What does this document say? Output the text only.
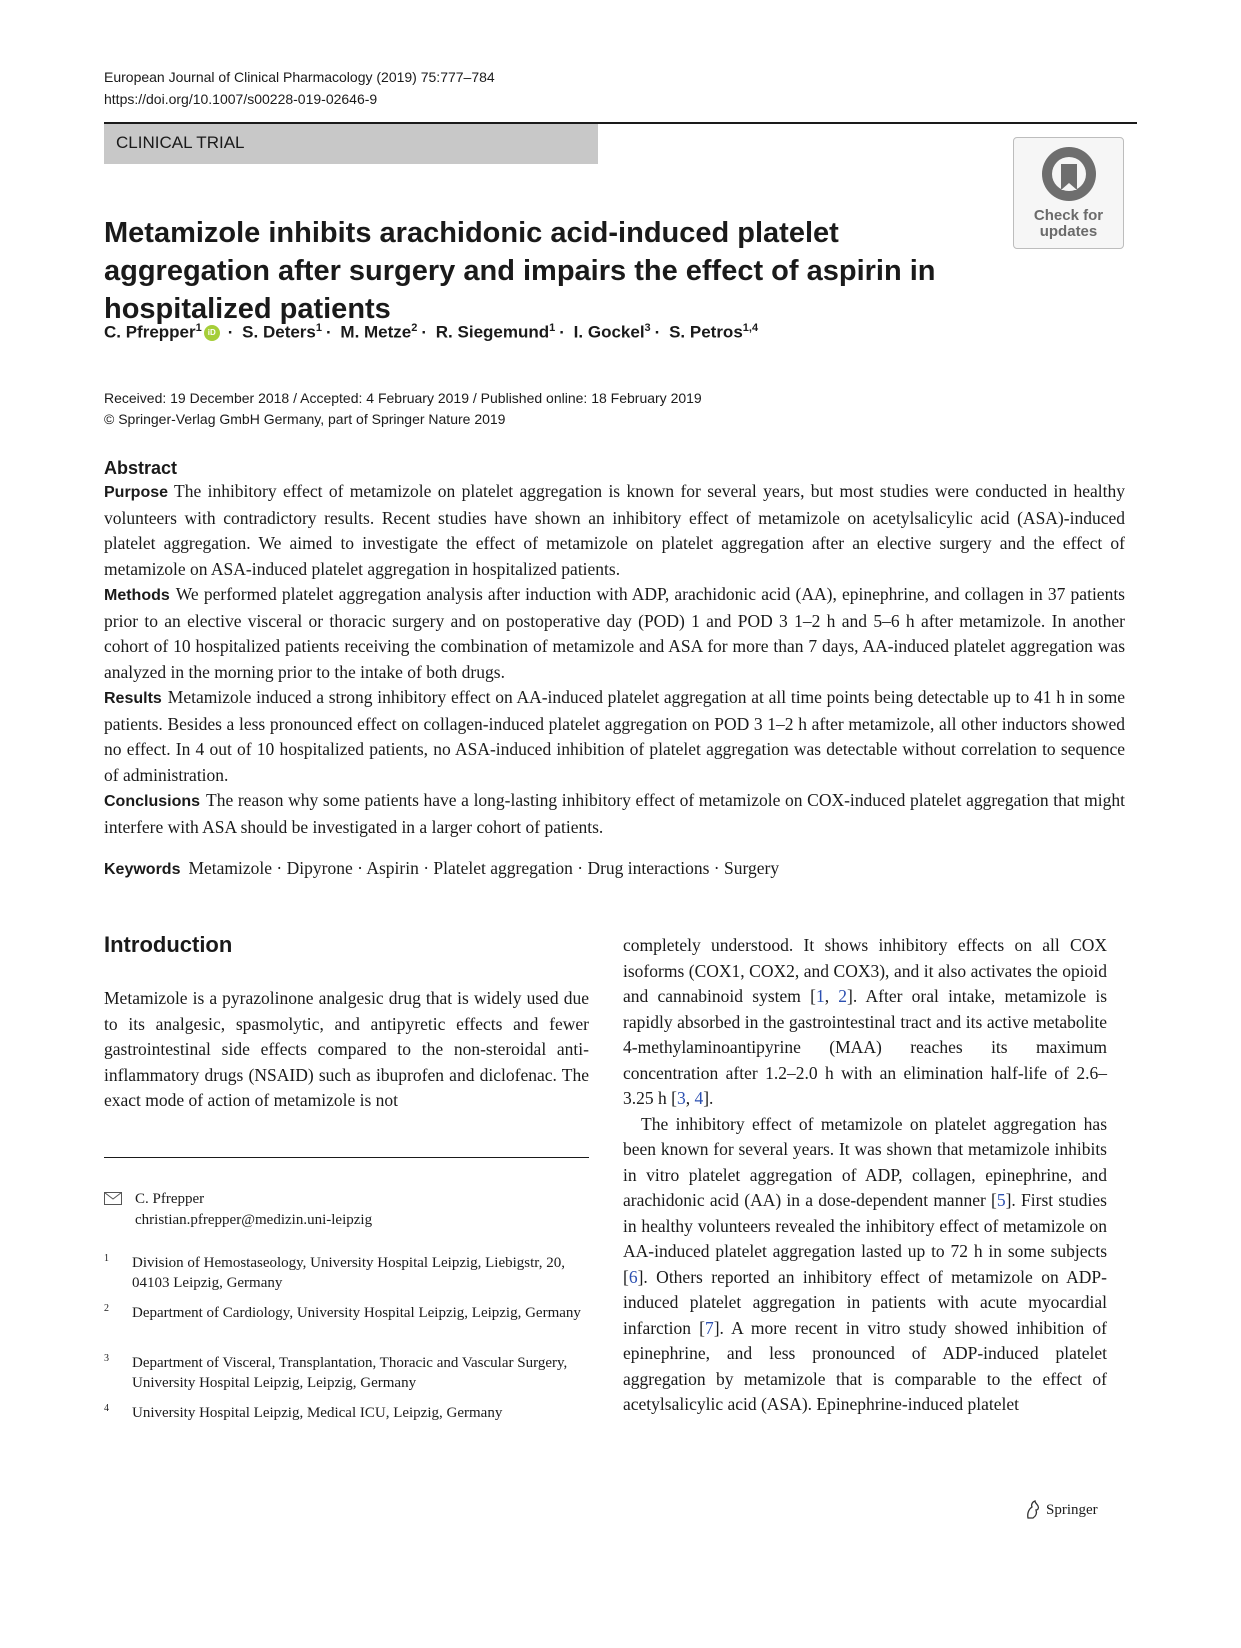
European Journal of Clinical Pharmacology (2019) 75:777–784
https://doi.org/10.1007/s00228-019-02646-9
CLINICAL TRIAL
Check for
updates
Metamizole inhibits arachidonic acid-induced platelet aggregation after surgery and impairs the effect of aspirin in hospitalized patients
C. Pfrepper$^1$ iD · S. Deters$^1$ · M. Metze$^2$ · R. Siegemund$^1$ · I. Gockel$^3$ · S. Petros$^{1,4}$
Received: 19 December 2018 / Accepted: 4 February 2019 / Published online: 18 February 2019
© Springer-Verlag GmbH Germany, part of Springer Nature 2019
Abstract

Purpose The inhibitory effect of metamizole on platelet aggregation is known for several years, but most studies were conducted in healthy volunteers with contradictory results. Recent studies have shown an inhibitory effect of metamizole on acetylsalicylic acid (ASA)-induced platelet aggregation. We aimed to investigate the effect of metamizole on platelet aggregation after an elective surgery and the effect of metamizole on ASA-induced platelet aggregation in hospitalized patients.

Methods We performed platelet aggregation analysis after induction with ADP, arachidonic acid (AA), epinephrine, and collagen in 37 patients prior to an elective visceral or thoracic surgery and on postoperative day (POD) 1 and POD 3 1–2 h and 5–6 h after metamizole. In another cohort of 10 hospitalized patients receiving the combination of metamizole and ASA for more than 7 days, AA-induced platelet aggregation was analyzed in the morning prior to the intake of both drugs.

Results Metamizole induced a strong inhibitory effect on AA-induced platelet aggregation at all time points being detectable up to 41 h in some patients. Besides a less pronounced effect on collagen-induced platelet aggregation on POD 3 1–2 h after metamizole, all other inductors showed no effect. In 4 out of 10 hospitalized patients, no ASA-induced inhibition of platelet aggregation was detectable without correlation to sequence of administration.

Conclusions The reason why some patients have a long-lasting inhibitory effect of metamizole on COX-induced platelet aggregation that might interfere with ASA should be investigated in a larger cohort of patients.

Keywords Metamizole · Dipyrone · Aspirin · Platelet aggregation · Drug interactions · Surgery
Introduction

Metamizole is a pyrazolinone analgesic drug that is widely used due to its analgesic, spasmolytic, and antipyretic effects and fewer gastrointestinal side effects compared to the non-steroidal anti-inflammatory drugs (NSAID) such as ibuprofen and diclofenac. The exact mode of action of metamizole is not

completely understood. It shows inhibitory effects on all COX isoforms (COX1, COX2, and COX3), and it also activates the opioid and cannabinoid system [1, 2]. After oral intake, metamizole is rapidly absorbed in the gastrointestinal tract and its active metabolite 4-methylaminoantipyrine (MAA) reaches its maximum concentration after 1.2–2.0 h with an elimination half-life of 2.6–3.25 h [3, 4].

The inhibitory effect of metamizole on platelet aggregation has been known for several years. It was shown that metamizole inhibits in vitro platelet aggregation of ADP, collagen, epinephrine, and arachidonic acid (AA) in a dose-dependent manner [5]. First studies in healthy volunteers revealed the inhibitory effect of metamizole on AA-induced platelet aggregation lasted up to 72 h in some subjects [6]. Others reported an inhibitory effect of metamizole on ADP-induced platelet aggregation in patients with acute myocardial infarction [7]. A more recent in vitro study showed inhibition of epinephrine, and less pronounced of ADP-induced platelet aggregation by metamizole that is comparable to the effect of acetylsalicylic acid (ASA). Epinephrine-induced platelet

C. Pfrepper
christian.pfrepper@medizin.uni-leipzig
1 Division of Hemostaseology, University Hospital Leipzig, Liebigstr, 20, 04103 Leipzig, Germany
2 Department of Cardiology, University Hospital Leipzig, Leipzig, Germany
3 Department of Visceral, Transplantation, Thoracic and Vascular Surgery, University Hospital Leipzig, Leipzig, Germany
4 University Hospital Leipzig, Medical ICU, Leipzig, Germany
Springer
